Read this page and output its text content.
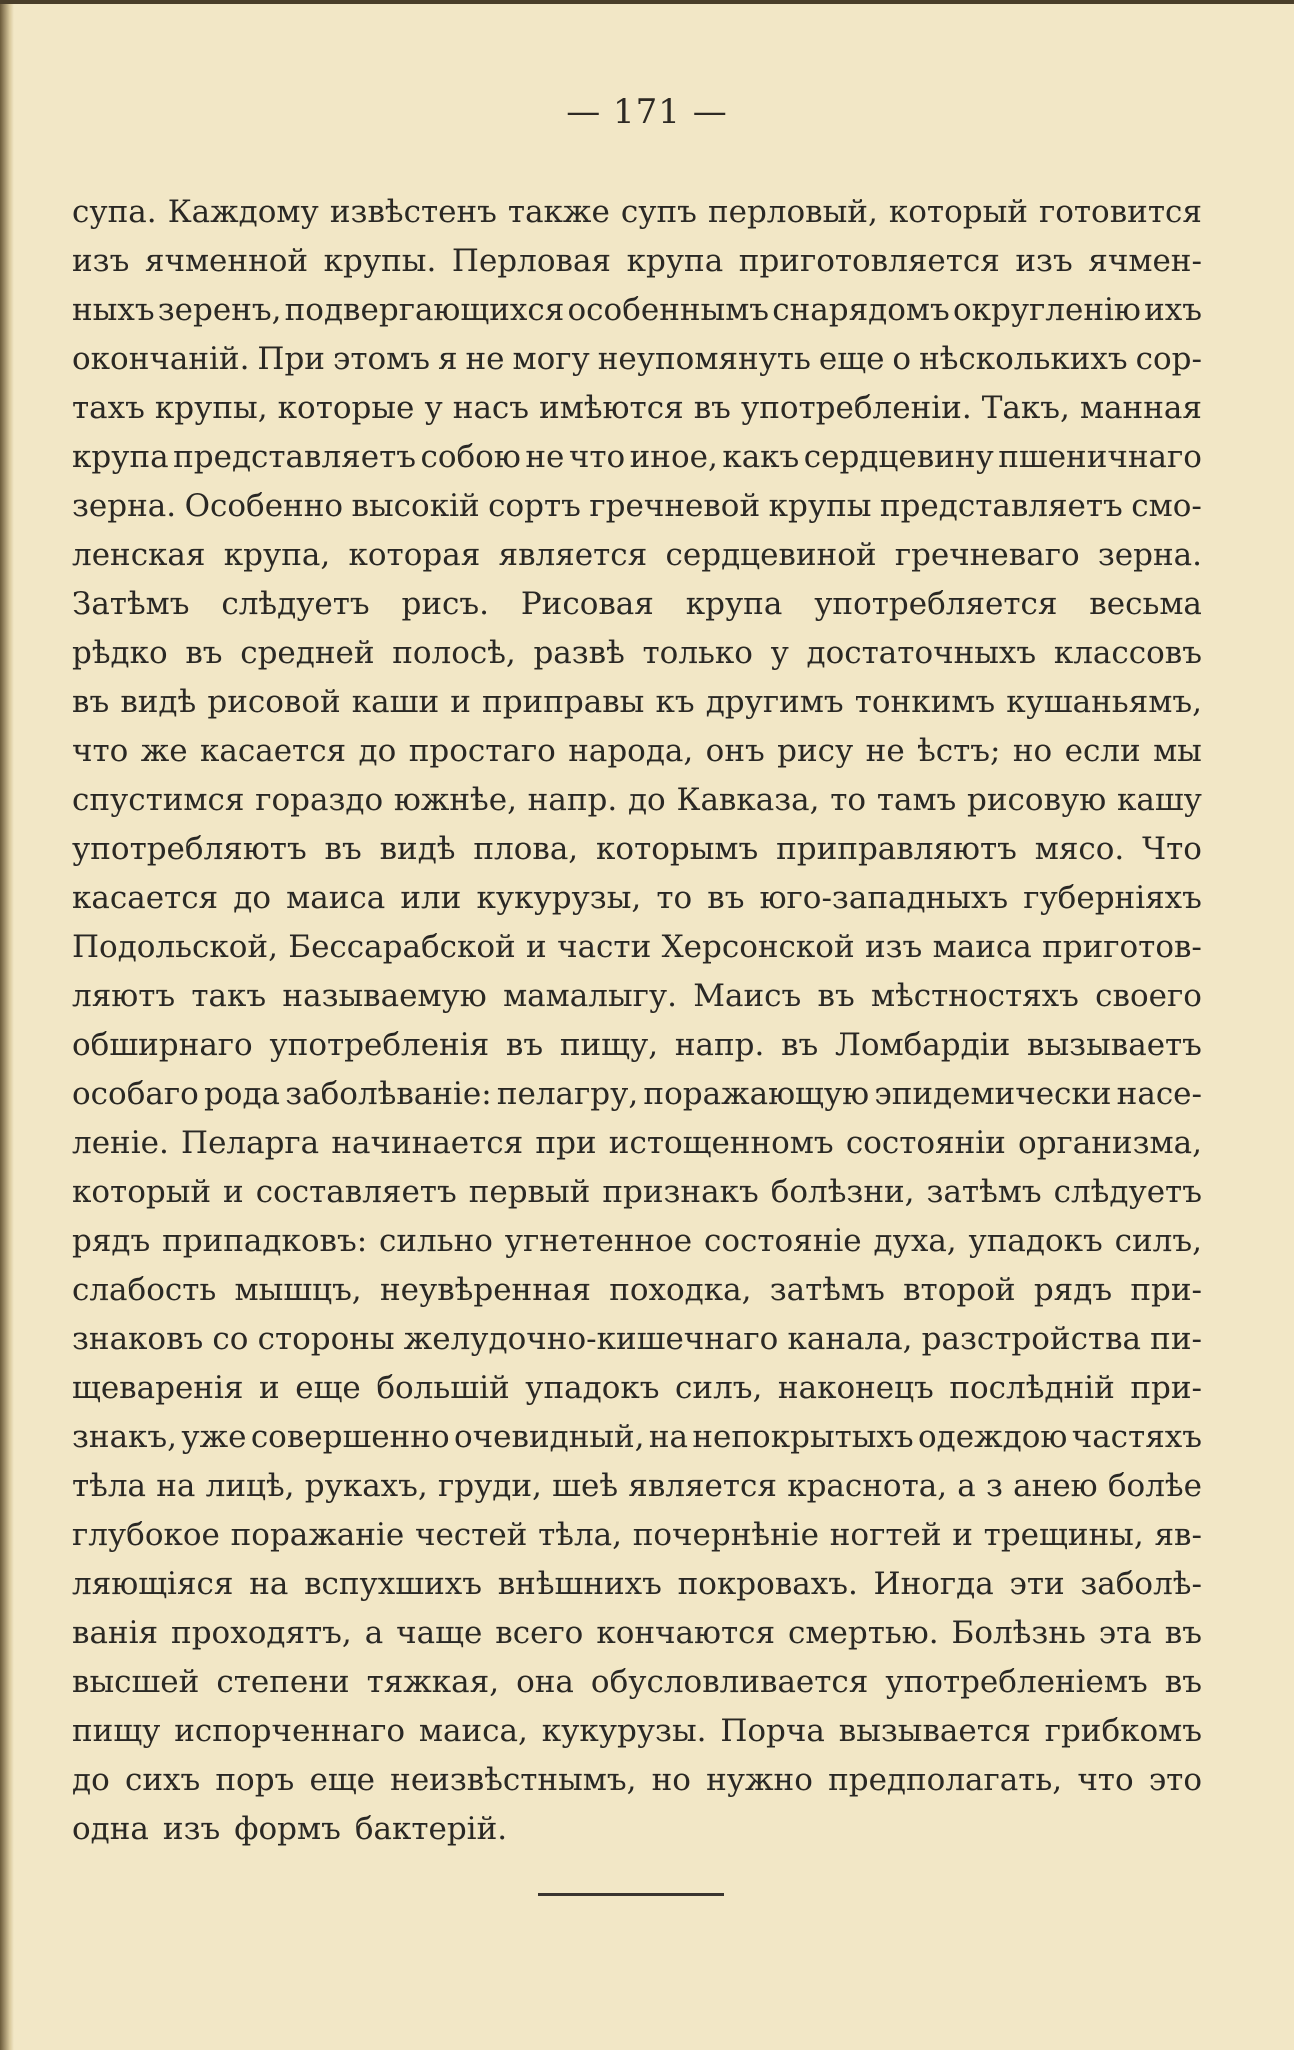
— 171 —
супа. Каждому извѣстенъ также супъ перловый, который готовится
изъ ячменной крупы. Перловая крупа приготовляется изъ ячмен-
ныхъ зеренъ, подвергающихся особеннымъ снарядомъ округленію ихъ
окончаній. При этомъ я не могу неупомянуть еще о нѣсколькихъ сор-
тахъ крупы, которые у насъ имѣются въ употребленіи. Такъ, манная
крупа представляетъ собою не что иное, какъ сердцевину пшеничнаго
зерна. Особенно высокій сортъ гречневой крупы представляетъ смо-
ленская крупа, которая является сердцевиной гречневаго зерна.
Затѣмъ слѣдуетъ рисъ. Рисовая крупа употребляется весьма
рѣдко въ средней полосѣ, развѣ только у достаточныхъ классовъ
въ видѣ рисовой каши и приправы къ другимъ тонкимъ кушаньямъ,
что же касается до простаго народа, онъ рису не ѣстъ; но если мы
спустимся гораздо южнѣе, напр. до Кавказа, то тамъ рисовую кашу
употребляютъ въ видѣ плова, которымъ приправляютъ мясо. Что
касается до маиса или кукурузы, то въ юго-западныхъ губерніяхъ
Подольской, Бессарабской и части Херсонской изъ маиса приготов-
ляютъ такъ называемую мамалыгу. Маисъ въ мѣстностяхъ своего
обширнаго употребленія въ пищу, напр. въ Ломбардіи вызываетъ
особаго рода заболѣваніе: пелагру, поражающую эпидемически насе-
леніе. Пеларга начинается при истощенномъ состояніи организма,
который и составляетъ первый признакъ болѣзни, затѣмъ слѣдуетъ
рядъ припадковъ: сильно угнетенное состояніе духа, упадокъ силъ,
слабость мышцъ, неувѣренная походка, затѣмъ второй рядъ при-
знаковъ со стороны желудочно-кишечнаго канала, разстройства пи-
щеваренія и еще большій упадокъ силъ, наконецъ послѣдній при-
знакъ, уже совершенно очевидный, на непокрытыхъ одеждою частяхъ
тѣла на лицѣ, рукахъ, груди, шеѣ является краснота, а з анею болѣе
глубокое поражаніе честей тѣла, почернѣніе ногтей и трещины, яв-
ляющіяся на вспухшихъ внѣшнихъ покровахъ. Иногда эти заболѣ-
ванія проходятъ, а чаще всего кончаются смертью. Болѣзнь эта въ
высшей степени тяжкая, она обусловливается употребленіемъ въ
пищу испорченнаго маиса, кукурузы. Порча вызывается грибкомъ
до сихъ поръ еще неизвѣстнымъ, но нужно предполагать, что это
одна изъ формъ бактерій.
